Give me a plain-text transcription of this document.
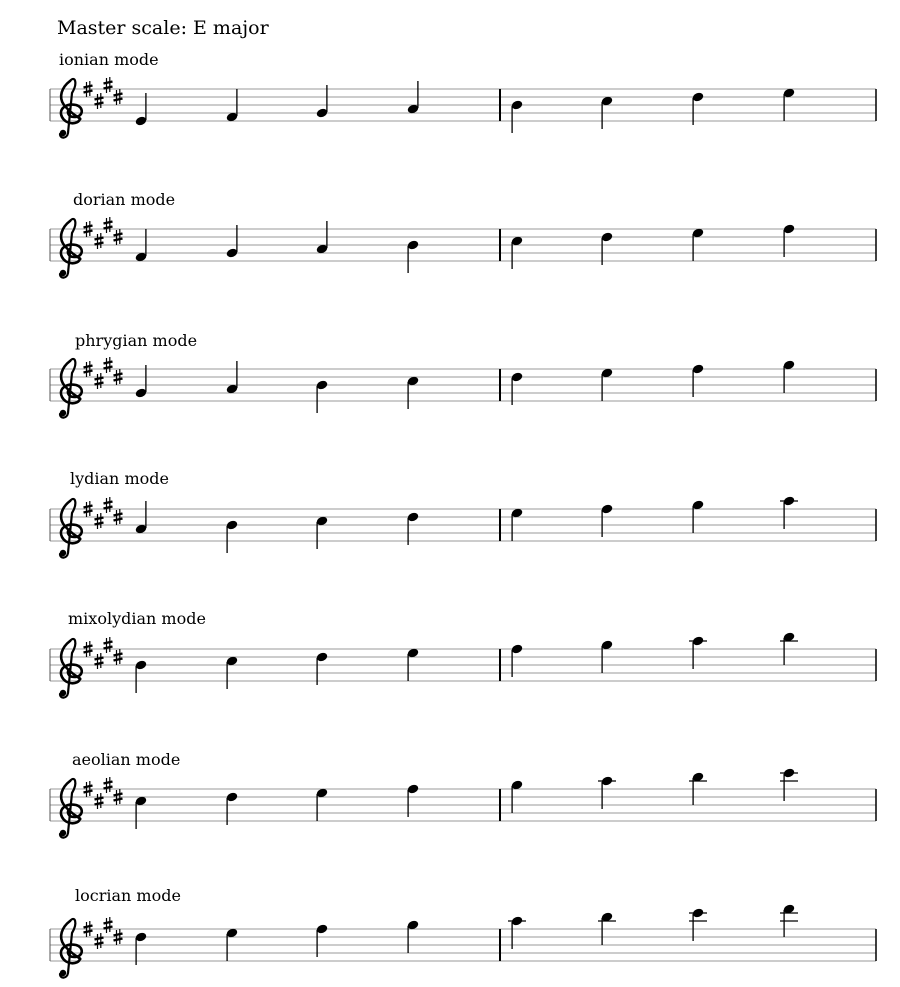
Master scale: E major
ionian mode
dorian mode
phrygian mode
lydian mode
mixolydian mode
aeolian mode
locrian mode
